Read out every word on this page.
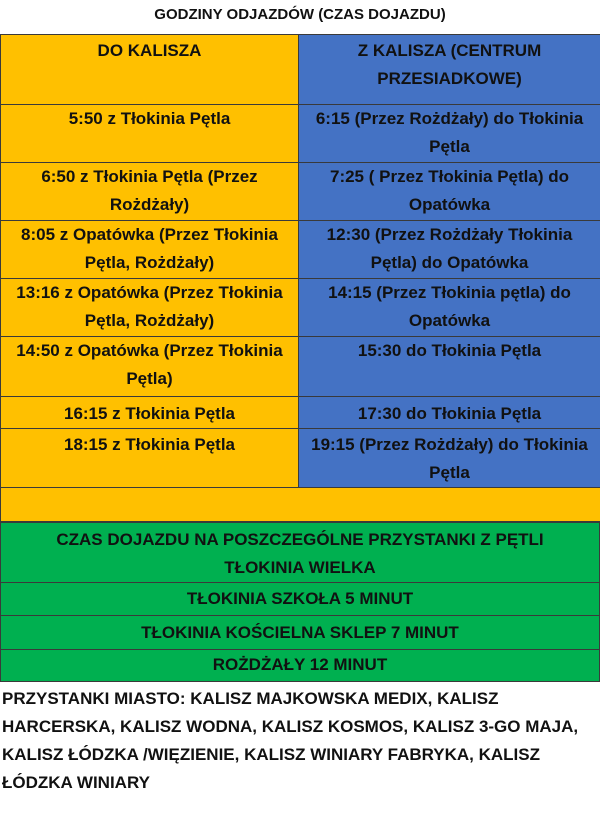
GODZINY ODJAZDÓW (CZAS DOJAZDU)
DO KALISZA	Z KALISZA (CENTRUM PRZESIADKOWE)
5:50 z Tłokinia Pętla	6:15 (Przez Rożdżały) do Tłokinia Pętla
6:50 z Tłokinia Pętla (Przez Rożdżały)	7:25 ( Przez Tłokinia Pętla) do Opatówka
8:05 z Opatówka (Przez Tłokinia Pętla, Rożdżały)	12:30 (Przez Rożdżały Tłokinia Pętla) do Opatówka
13:16 z Opatówka (Przez Tłokinia Pętla, Rożdżały)	14:15 (Przez Tłokinia pętla) do Opatówka
14:50 z Opatówka (Przez Tłokinia Pętla)	15:30 do Tłokinia Pętla
16:15 z Tłokinia Pętla	17:30 do Tłokinia Pętla
18:15 z Tłokinia Pętla	19:15 (Przez Rożdżały) do Tłokinia Pętla

CZAS DOJAZDU NA POSZCZEGÓLNE PRZYSTANKI Z PĘTLI TŁOKINIA WIELKA
TŁOKINIA SZKOŁA 5 MINUT
TŁOKINIA KOŚCIELNA SKLEP 7 MINUT
ROŻDŻAŁY 12 MINUT
PRZYSTANKI MIASTO: KALISZ MAJKOWSKA MEDIX, KALISZ HARCERSKA, KALISZ WODNA, KALISZ KOSMOS, KALISZ 3-GO MAJA, KALISZ ŁÓDZKA /WIĘZIENIE, KALISZ WINIARY FABRYKA, KALISZ ŁÓDZKA WINIARY
